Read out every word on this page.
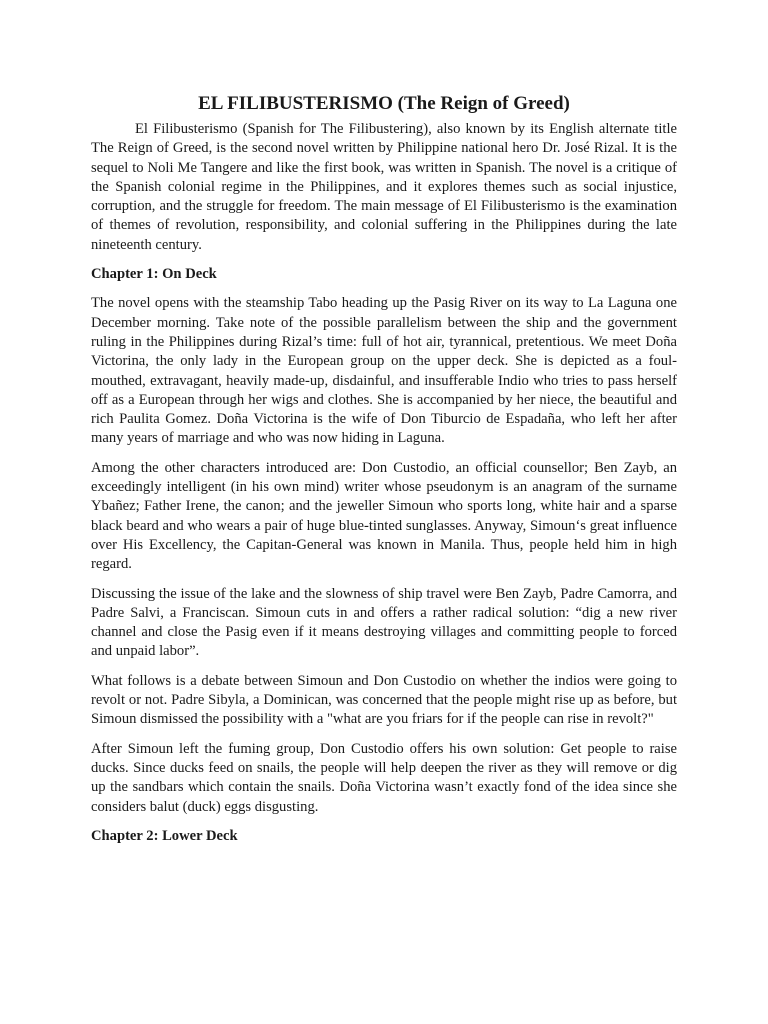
EL FILIBUSTERISMO (The Reign of Greed)

El Filibusterismo (Spanish for The Filibustering), also known by its English alternate title The Reign of Greed, is the second novel written by Philippine national hero Dr. José Rizal. It is the sequel to Noli Me Tangere and like the first book, was written in Spanish. The novel is a critique of the Spanish colonial regime in the Philippines, and it explores themes such as social injustice, corruption, and the struggle for freedom. The main message of El Filibusterismo is the examination of themes of revolution, responsibility, and colonial suffering in the Philippines during the late nineteenth century.

Chapter 1: On Deck

The novel opens with the steamship Tabo heading up the Pasig River on its way to La Laguna one December morning. Take note of the possible parallelism between the ship and the government ruling in the Philippines during Rizal’s time: full of hot air, tyrannical, pretentious. We meet Doña Victorina, the only lady in the European group on the upper deck. She is depicted as a foul-mouthed, extravagant, heavily made-up, disdainful, and insufferable Indio who tries to pass herself off as a European through her wigs and clothes. She is accompanied by her niece, the beautiful and rich Paulita Gomez. Doña Victorina is the wife of Don Tiburcio de Espadaña, who left her after many years of marriage and who was now hiding in Laguna.

Among the other characters introduced are: Don Custodio, an official counsellor; Ben Zayb, an exceedingly intelligent (in his own mind) writer whose pseudonym is an anagram of the surname Ybañez; Father Irene, the canon; and the jeweller Simoun who sports long, white hair and a sparse black beard and who wears a pair of huge blue-tinted sunglasses. Anyway, Simoun‘s great influence over His Excellency, the Capitan-General was known in Manila. Thus, people held him in high regard.

Discussing the issue of the lake and the slowness of ship travel were Ben Zayb, Padre Camorra, and Padre Salvi, a Franciscan. Simoun cuts in and offers a rather radical solution: “dig a new river channel and close the Pasig even if it means destroying villages and committing people to forced and unpaid labor”.

What follows is a debate between Simoun and Don Custodio on whether the indios were going to revolt or not. Padre Sibyla, a Dominican, was concerned that the people might rise up as before, but Simoun dismissed the possibility with a "what are you friars for if the people can rise in revolt?"

After Simoun left the fuming group, Don Custodio offers his own solution: Get people to raise ducks. Since ducks feed on snails, the people will help deepen the river as they will remove or dig up the sandbars which contain the snails. Doña Victorina wasn’t exactly fond of the idea since she considers balut (duck) eggs disgusting.

Chapter 2: Lower Deck
